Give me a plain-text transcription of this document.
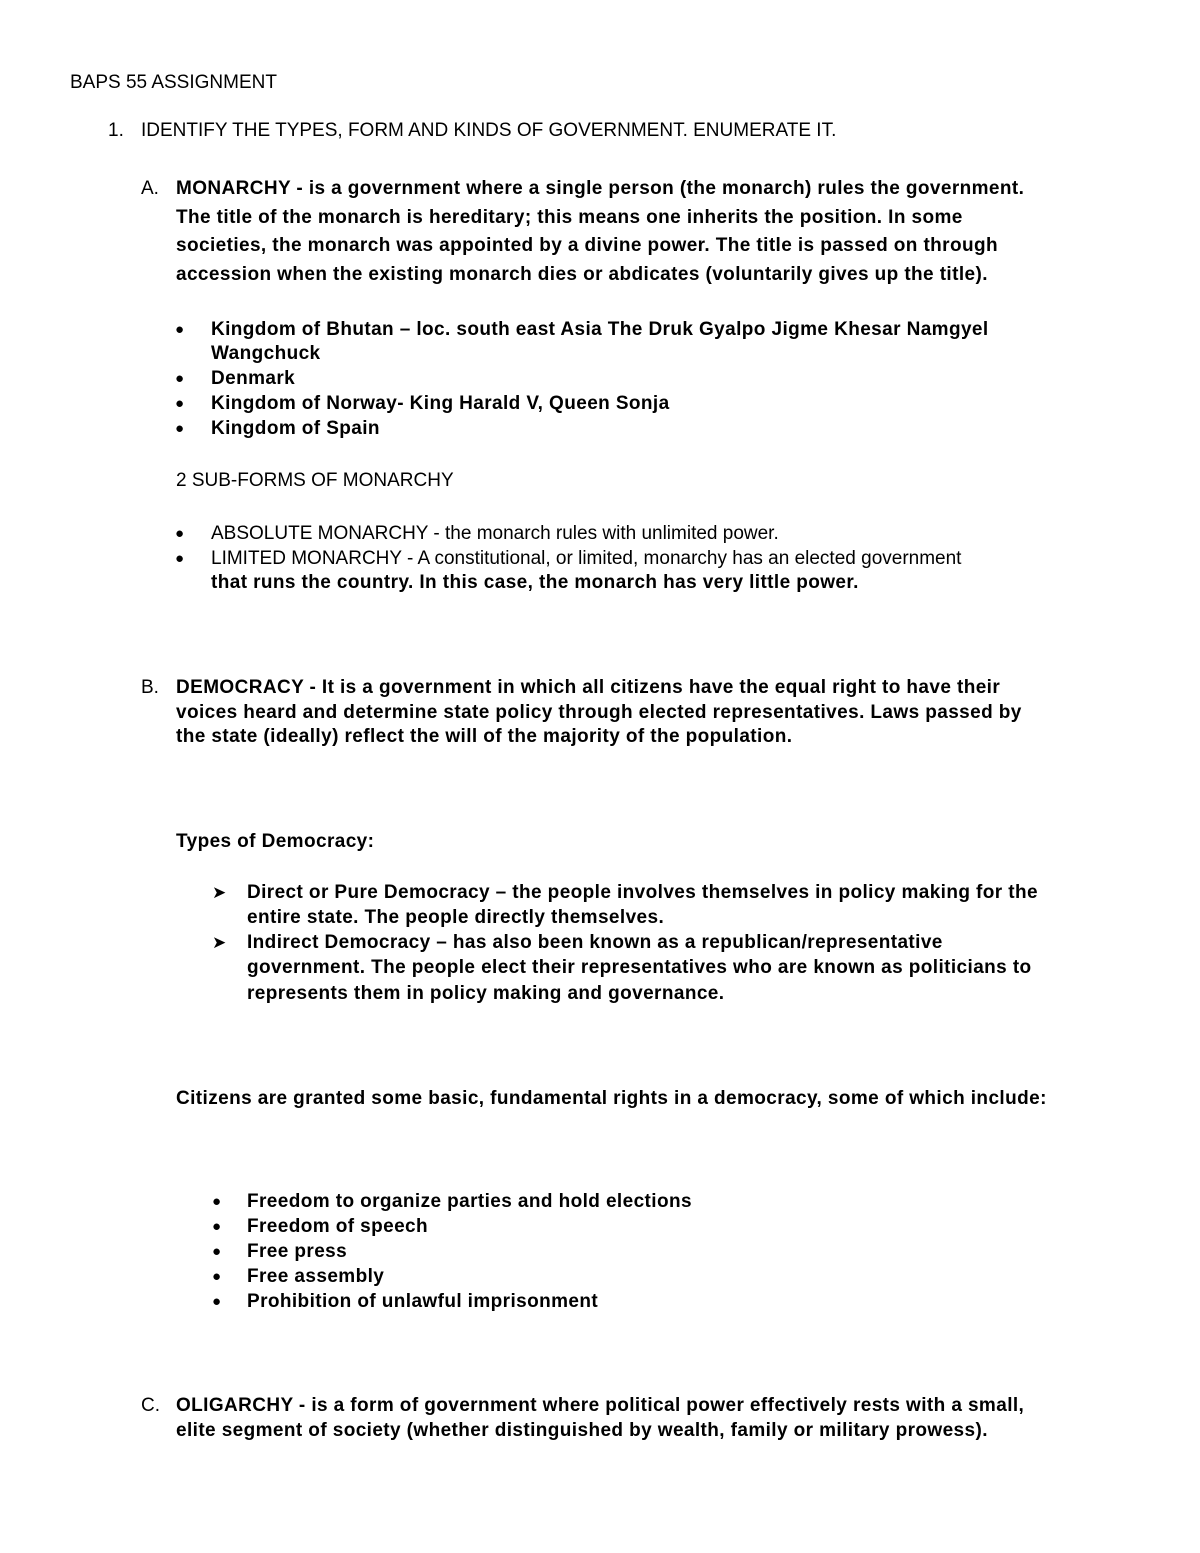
BAPS 55 ASSIGNMENT
1. IDENTIFY THE TYPES, FORM AND KINDS OF GOVERNMENT. ENUMERATE IT.
A. MONARCHY - is a government where a single person (the monarch) rules the government.
The title of the monarch is hereditary; this means one inherits the position. In some
societies, the monarch was appointed by a divine power. The title is passed on through
accession when the existing monarch dies or abdicates (voluntarily gives up the title).
● Kingdom of Bhutan – loc. south east Asia The Druk Gyalpo Jigme Khesar Namgyel
Wangchuck
● Denmark
● Kingdom of Norway- King Harald V, Queen Sonja
● Kingdom of Spain
2 SUB-FORMS OF MONARCHY
● ABSOLUTE MONARCHY - the monarch rules with unlimited power.
● LIMITED MONARCHY - A constitutional, or limited, monarchy has an elected government
that runs the country. In this case, the monarch has very little power.
B. DEMOCRACY - It is a government in which all citizens have the equal right to have their
voices heard and determine state policy through elected representatives. Laws passed by
the state (ideally) reflect the will of the majority of the population.
Types of Democracy:
➤ Direct or Pure Democracy – the people involves themselves in policy making for the
entire state. The people directly themselves.
➤ Indirect Democracy – has also been known as a republican/representative
government. The people elect their representatives who are known as politicians to
represents them in policy making and governance.
Citizens are granted some basic, fundamental rights in a democracy, some of which include:
● Freedom to organize parties and hold elections
● Freedom of speech
● Free press
● Free assembly
● Prohibition of unlawful imprisonment
C. OLIGARCHY - is a form of government where political power effectively rests with a small,
elite segment of society (whether distinguished by wealth, family or military prowess).
